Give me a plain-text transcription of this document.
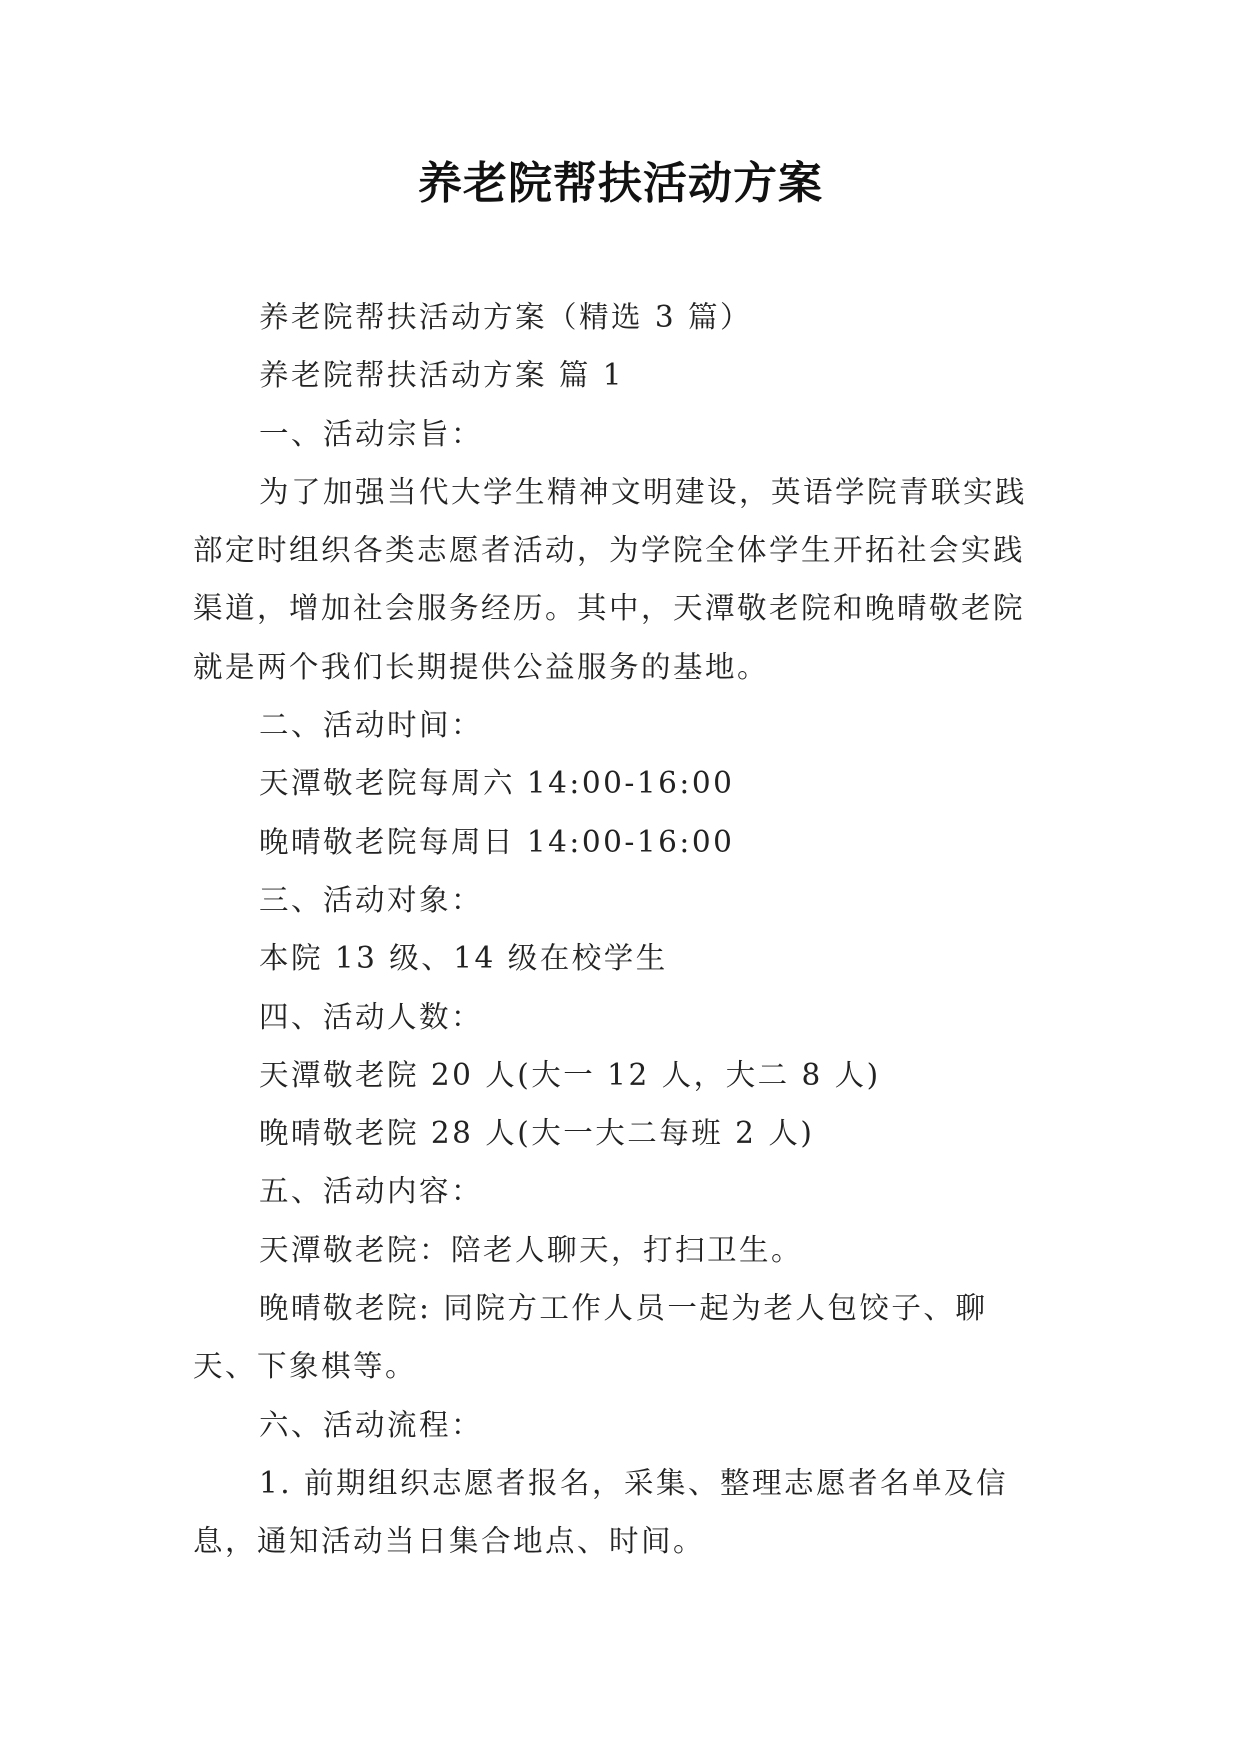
养老院帮扶活动方案

养老院帮扶活动方案（精选 3 篇）

养老院帮扶活动方案 篇 1

一、活动宗旨：

为了加强当代大学生精神文明建设，英语学院青联实践部定时组织各类志愿者活动，为学院全体学生开拓社会实践渠道，增加社会服务经历。其中，天潭敬老院和晚晴敬老院就是两个我们长期提供公益服务的基地。

二、活动时间：

天潭敬老院每周六 14:00-16:00

晚晴敬老院每周日 14:00-16:00

三、活动对象：

本院 13 级、14 级在校学生

四、活动人数：

天潭敬老院 20 人(大一 12 人，大二 8 人)

晚晴敬老院 28 人(大一大二每班 2 人)

五、活动内容：

天潭敬老院：陪老人聊天，打扫卫生。

晚晴敬老院: 同院方工作人员一起为老人包饺子、聊天、下象棋等。

六、活动流程：

1. 前期组织志愿者报名，采集、整理志愿者名单及信息，通知活动当日集合地点、时间。
